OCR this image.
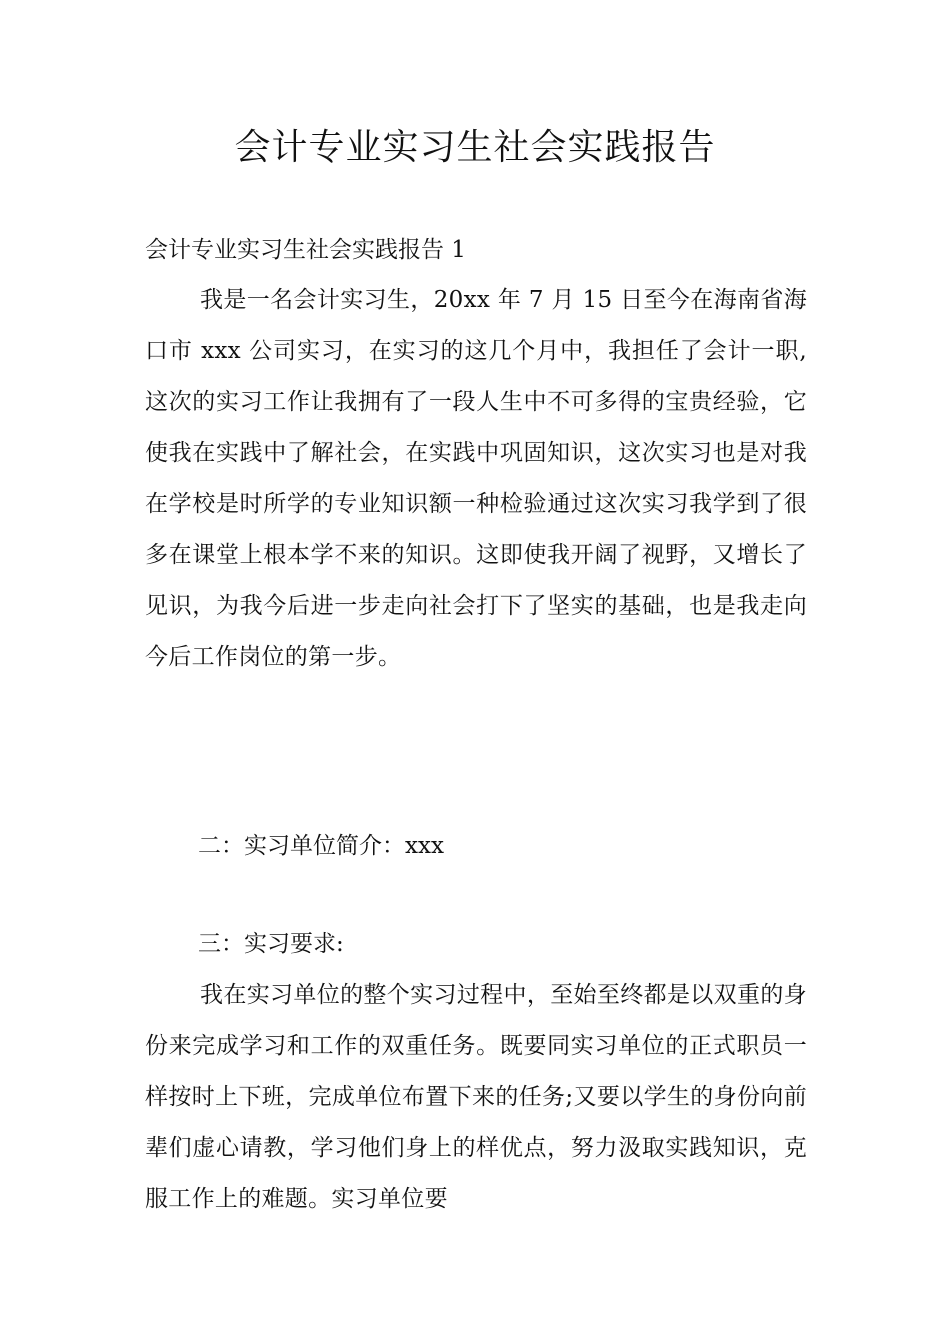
会计专业实习生社会实践报告

会计专业实习生社会实践报告 1

我是一名会计实习生，20xx 年 7 月 15 日至今在海南省海口市 xxx 公司实习，在实习的这几个月中，我担任了会计一职,这次的实习工作让我拥有了一段人生中不可多得的宝贵经验，它使我在实践中了解社会，在实践中巩固知识，这次实习也是对我在学校是时所学的专业知识额一种检验通过这次实习我学到了很多在课堂上根本学不来的知识。这即使我开阔了视野，又增长了见识，为我今后进一步走向社会打下了坚实的基础，也是我走向今后工作岗位的第一步。

二：实习单位简介：xxx

三：实习要求:

我在实习单位的整个实习过程中，至始至终都是以双重的身份来完成学习和工作的双重任务。既要同实习单位的正式职员一样按时上下班，完成单位布置下来的任务;又要以学生的身份向前辈们虚心请教，学习他们身上的样优点，努力汲取实践知识，克服工作上的难题。实习单位要
